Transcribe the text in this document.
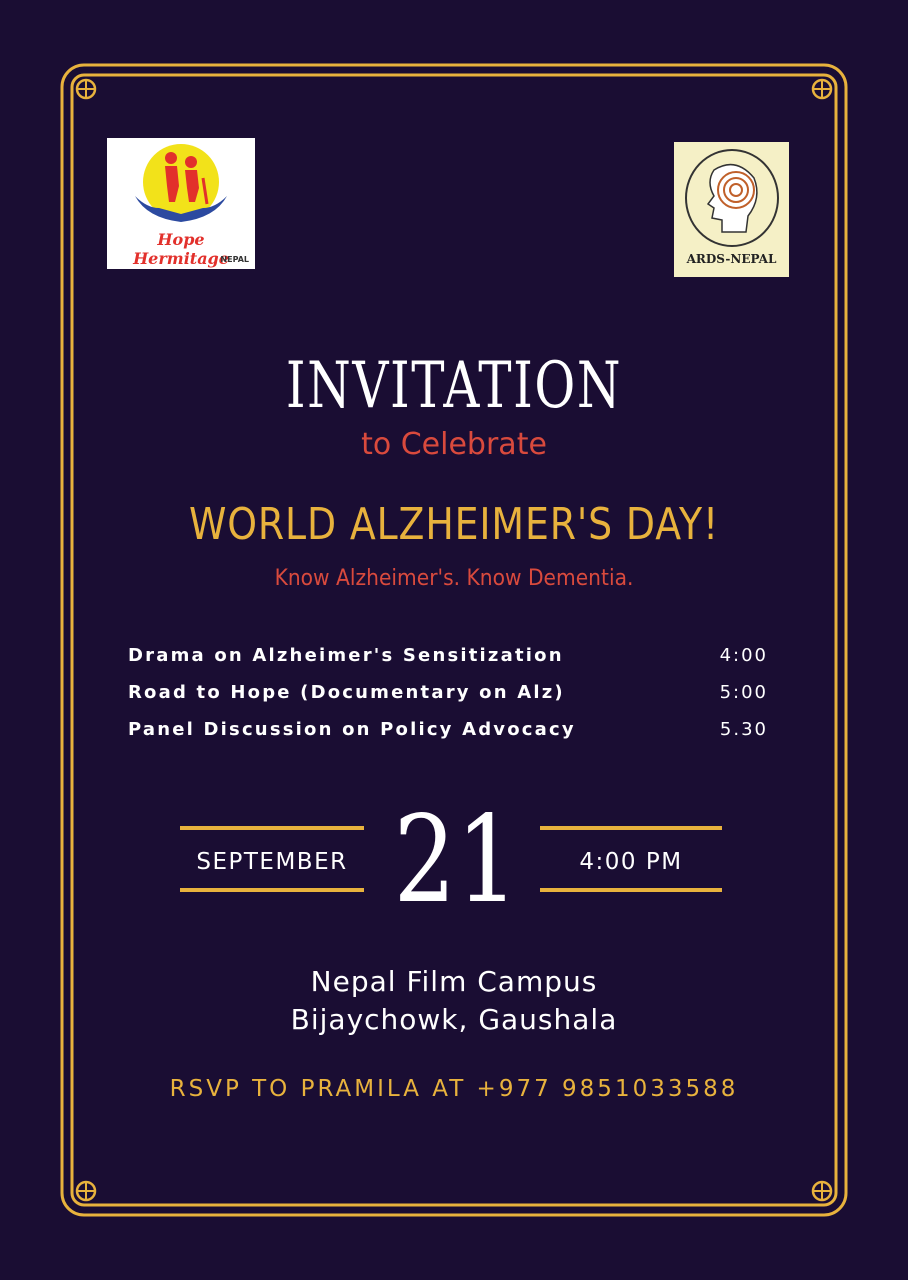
Hope Hermitage
NEPAL	ARDS-NEPAL
INVITATION
to Celebrate
WORLD ALZHEIMER'S DAY!
Know Alzheimer's. Know Dementia.
Drama on Alzheimer's Sensitization	4:00
Road to Hope (Documentary on Alz)	5:00
Panel Discussion on Policy Advocacy	5.30
SEPTEMBER 21	4:00 PM
Nepal Film Campus
Bijaychowk, Gaushala
RSVP TO PRAMILA AT +977 9851033588
